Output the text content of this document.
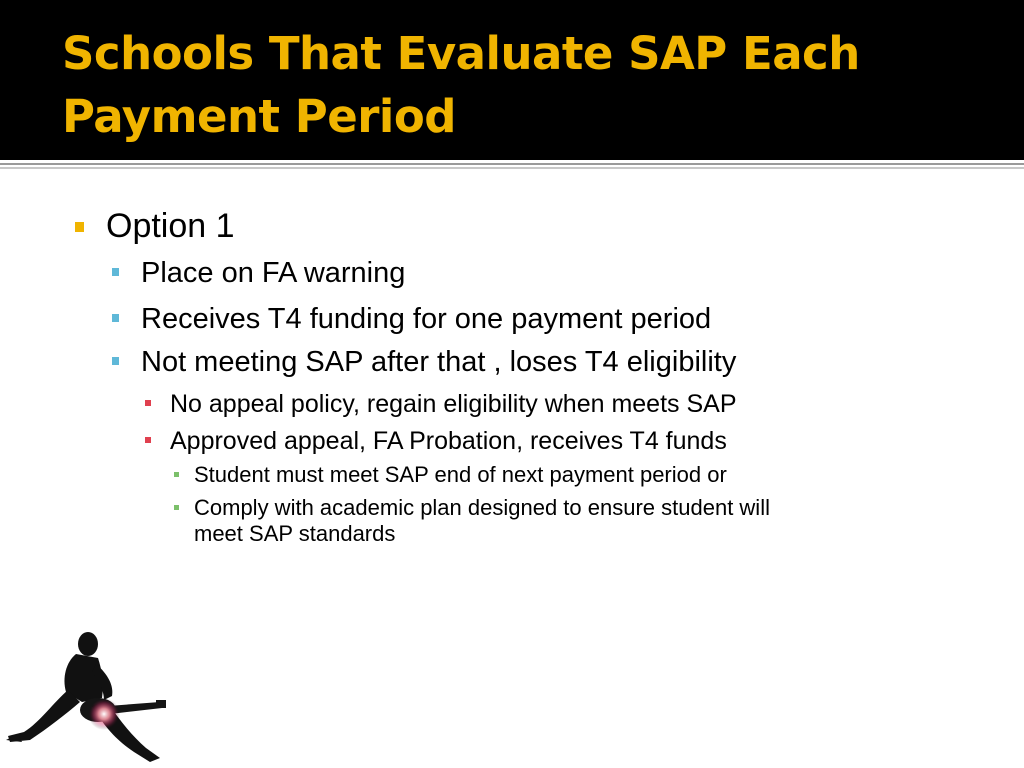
Schools That Evaluate SAP Each
Payment Period
Option 1
Place on FA warning
Receives T4 funding for one payment period
Not meeting SAP after that , loses T4 eligibility
No appeal policy, regain eligibility when meets SAP
Approved appeal, FA Probation, receives T4 funds
Student must meet SAP end of next payment period or
Comply with academic plan designed to ensure student will
meet SAP standards
